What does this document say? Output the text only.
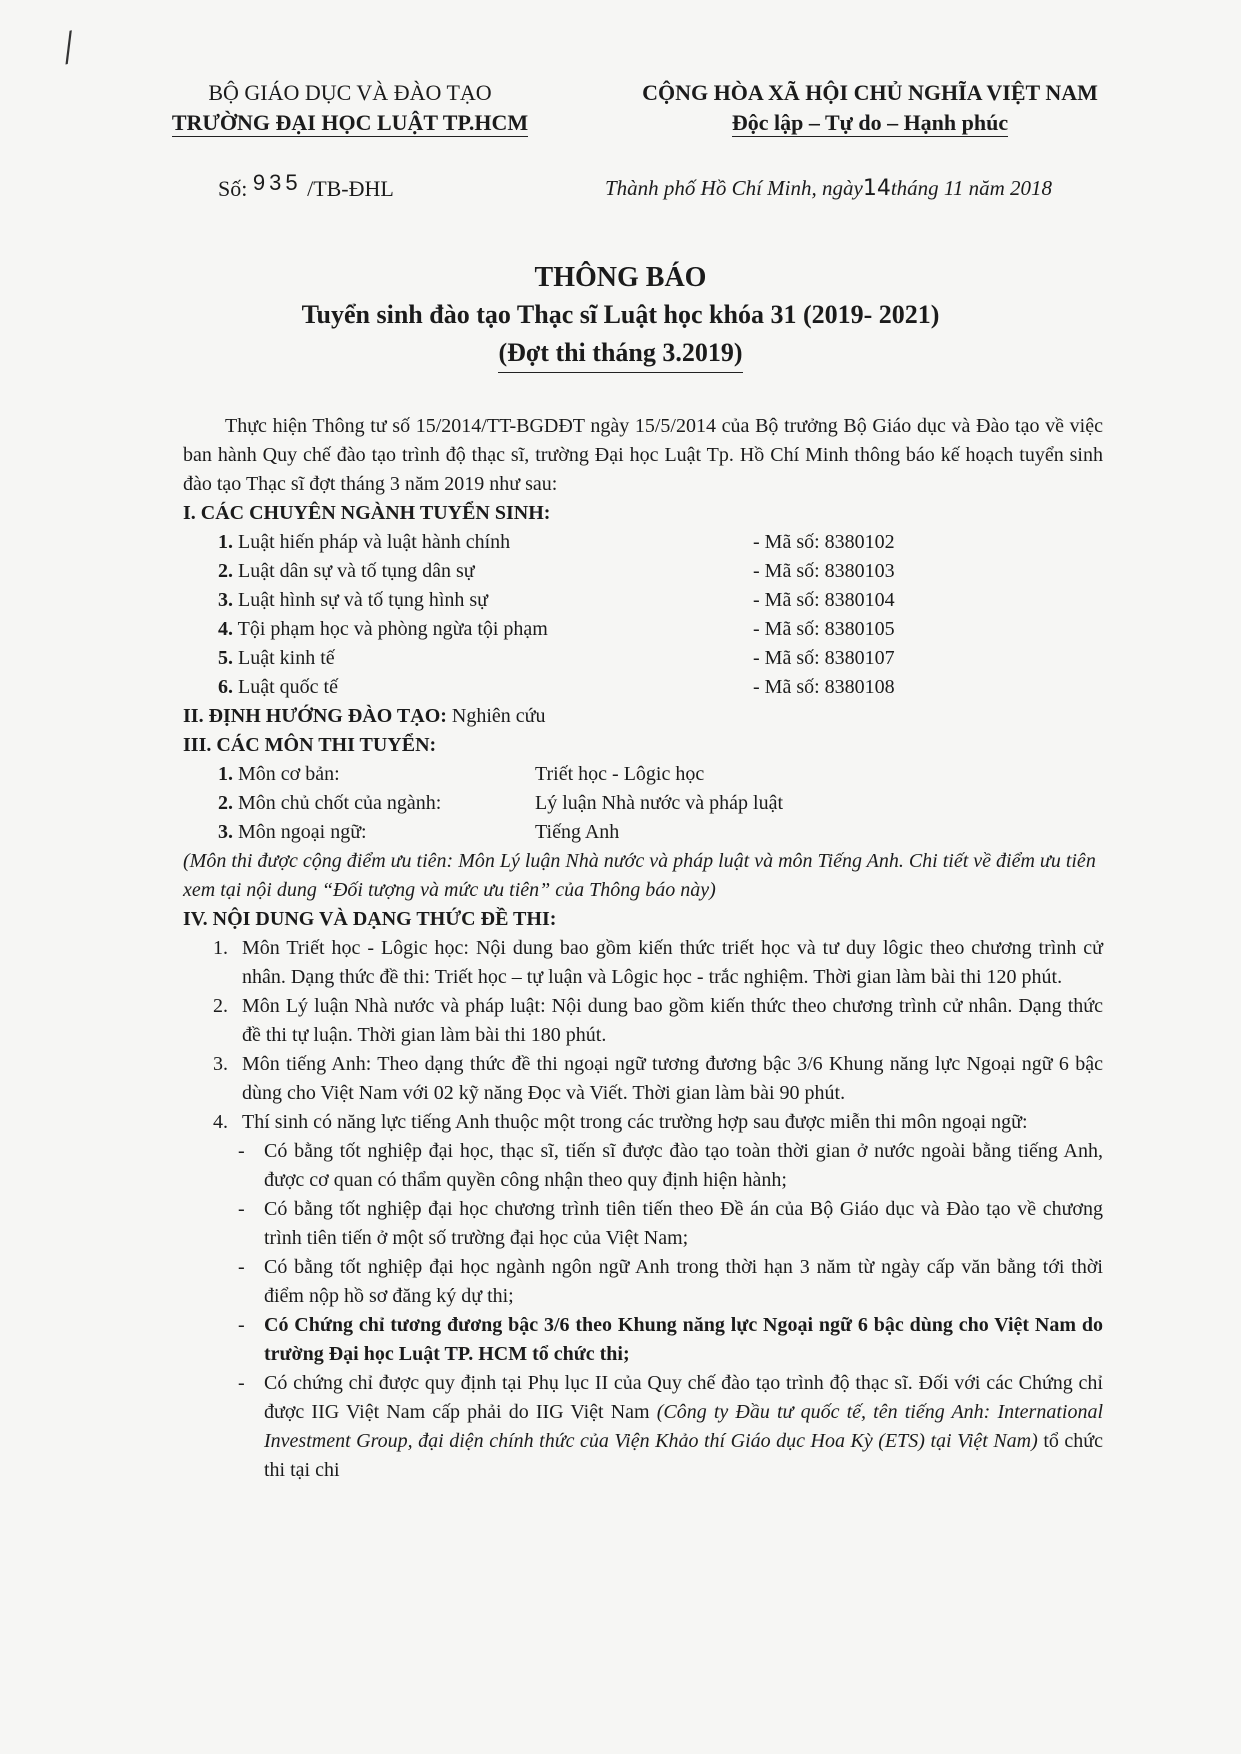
/
BỘ GIÁO DỤC VÀ ĐÀO TẠO
TRƯỜNG ĐẠI HỌC LUẬT TP.HCM
CỘNG HÒA XÃ HỘI CHỦ NGHĨA VIỆT NAM
Độc lập – Tự do – Hạnh phúc
Số: 935 /TB-ĐHL	Thành phố Hồ Chí Minh, ngày14tháng 11 năm 2018
THÔNG BÁO
Tuyển sinh đào tạo Thạc sĩ Luật học khóa 31 (2019- 2021)
(Đợt thi tháng 3.2019)

Thực hiện Thông tư số 15/2014/TT-BGDĐT ngày 15/5/2014 của Bộ trưởng Bộ Giáo dục và Đào tạo về việc ban hành Quy chế đào tạo trình độ thạc sĩ, trường Đại học Luật Tp. Hồ Chí Minh thông báo kế hoạch tuyển sinh đào tạo Thạc sĩ đợt tháng 3 năm 2019 như sau:

I. CÁC CHUYÊN NGÀNH TUYỂN SINH:

1. Luật hiến pháp và luật hành chính	- Mã số: 8380102
2. Luật dân sự và tố tụng dân sự	- Mã số: 8380103
3. Luật hình sự và tố tụng hình sự	- Mã số: 8380104
4. Tội phạm học và phòng ngừa tội phạm	- Mã số: 8380105
5. Luật kinh tế	- Mã số: 8380107
6. Luật quốc tế	- Mã số: 8380108

II. ĐỊNH HƯỚNG ĐÀO TẠO: Nghiên cứu

III. CÁC MÔN THI TUYỂN:

1. Môn cơ bản:	Triết học - Lôgic học
2. Môn chủ chốt của ngành:	Lý luận Nhà nước và pháp luật
3. Môn ngoại ngữ:	Tiếng Anh

(Môn thi được cộng điểm ưu tiên: Môn Lý luận Nhà nước và pháp luật và môn Tiếng Anh. Chi tiết về điểm ưu tiên xem tại nội dung “Đối tượng và mức ưu tiên” của Thông báo này)

IV. NỘI DUNG VÀ DẠNG THỨC ĐỀ THI:

1. Môn Triết học - Lôgic học: Nội dung bao gồm kiến thức triết học và tư duy lôgic theo chương trình cử nhân. Dạng thức đề thi: Triết học – tự luận và Lôgic học - trắc nghiệm. Thời gian làm bài thi 120 phút.
2. Môn Lý luận Nhà nước và pháp luật: Nội dung bao gồm kiến thức theo chương trình cử nhân. Dạng thức đề thi tự luận. Thời gian làm bài thi 180 phút.
3. Môn tiếng Anh: Theo dạng thức đề thi ngoại ngữ tương đương bậc 3/6 Khung năng lực Ngoại ngữ 6 bậc dùng cho Việt Nam với 02 kỹ năng Đọc và Viết. Thời gian làm bài 90 phút.
4. Thí sinh có năng lực tiếng Anh thuộc một trong các trường hợp sau được miễn thi môn ngoại ngữ:
- Có bằng tốt nghiệp đại học, thạc sĩ, tiến sĩ được đào tạo toàn thời gian ở nước ngoài bằng tiếng Anh, được cơ quan có thẩm quyền công nhận theo quy định hiện hành;
- Có bằng tốt nghiệp đại học chương trình tiên tiến theo Đề án của Bộ Giáo dục và Đào tạo về chương trình tiên tiến ở một số trường đại học của Việt Nam;
- Có bằng tốt nghiệp đại học ngành ngôn ngữ Anh trong thời hạn 3 năm từ ngày cấp văn bằng tới thời điểm nộp hồ sơ đăng ký dự thi;
- Có Chứng chỉ tương đương bậc 3/6 theo Khung năng lực Ngoại ngữ 6 bậc dùng cho Việt Nam do trường Đại học Luật TP. HCM tổ chức thi;
- Có chứng chỉ được quy định tại Phụ lục II của Quy chế đào tạo trình độ thạc sĩ. Đối với các Chứng chỉ được IIG Việt Nam cấp phải do IIG Việt Nam (Công ty Đầu tư quốc tế, tên tiếng Anh: International Investment Group, đại diện chính thức của Viện Khảo thí Giáo dục Hoa Kỳ (ETS) tại Việt Nam) tổ chức thi tại chi
